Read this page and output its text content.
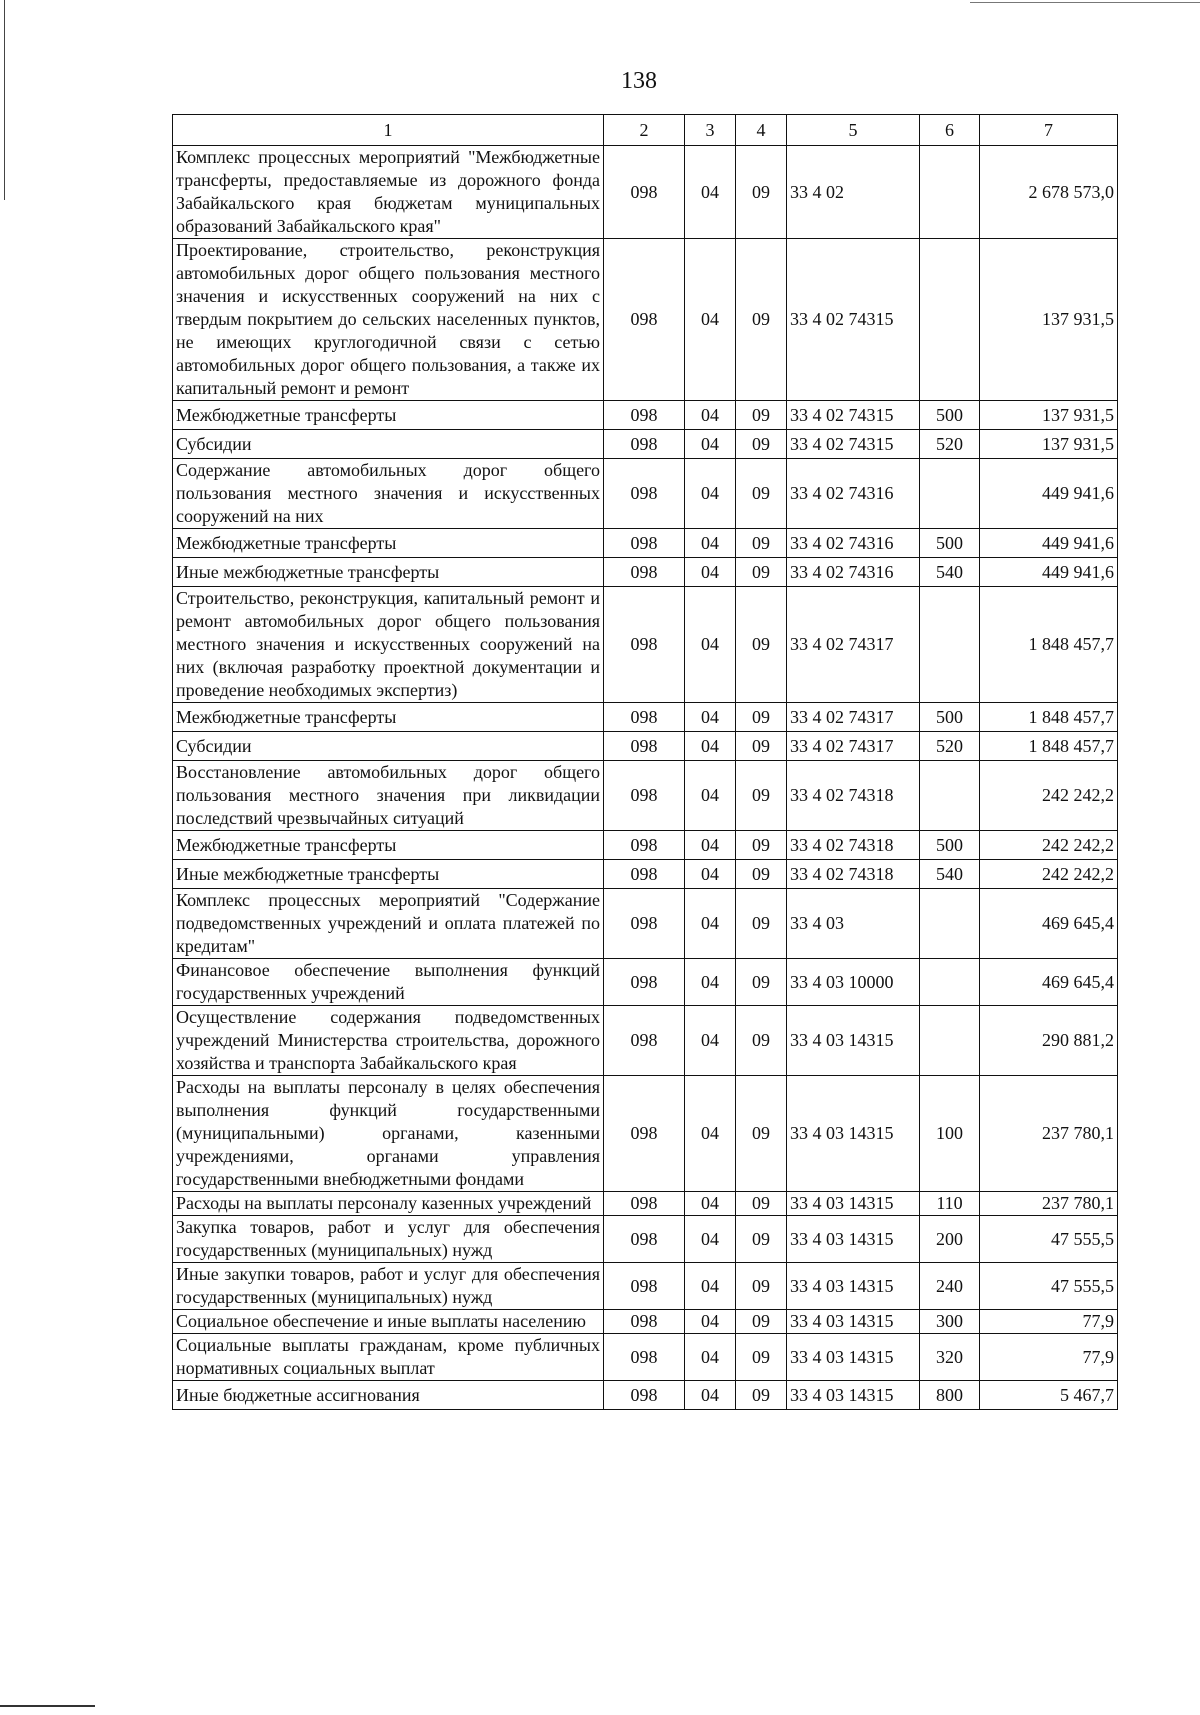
138
1	2	3	4	5	6	7
Комплекс процессных мероприятий "Межбюджетные трансферты, предоставляемые из дорожного фонда Забайкальского края бюджетам муниципальных образований Забайкальского края"	098	04	09	33 4 02		2 678 573,0
Проектирование, строительство, реконструкция автомобильных дорог общего пользования местного значения и искусственных сооружений на них с твердым покрытием до сельских населенных пунктов, не имеющих круглогодичной связи с сетью автомобильных дорог общего пользования, а также их капитальный ремонт и ремонт	098	04	09	33 4 02 74315		137 931,5
Межбюджетные трансферты	098	04	09	33 4 02 74315	500	137 931,5
Субсидии	098	04	09	33 4 02 74315	520	137 931,5
Содержание автомобильных дорог общего пользования местного значения и искусственных сооружений на них	098	04	09	33 4 02 74316		449 941,6
Межбюджетные трансферты	098	04	09	33 4 02 74316	500	449 941,6
Иные межбюджетные трансферты	098	04	09	33 4 02 74316	540	449 941,6
Строительство, реконструкция, капитальный ремонт и ремонт автомобильных дорог общего пользования местного значения и искусственных сооружений на них (включая разработку проектной документации и проведение необходимых экспертиз)	098	04	09	33 4 02 74317		1 848 457,7
Межбюджетные трансферты	098	04	09	33 4 02 74317	500	1 848 457,7
Субсидии	098	04	09	33 4 02 74317	520	1 848 457,7
Восстановление автомобильных дорог общего пользования местного значения при ликвидации последствий чрезвычайных ситуаций	098	04	09	33 4 02 74318		242 242,2
Межбюджетные трансферты	098	04	09	33 4 02 74318	500	242 242,2
Иные межбюджетные трансферты	098	04	09	33 4 02 74318	540	242 242,2
Комплекс процессных мероприятий "Содержание подведомственных учреждений и оплата платежей по кредитам"	098	04	09	33 4 03		469 645,4
Финансовое обеспечение выполнения функций государственных учреждений	098	04	09	33 4 03 10000		469 645,4
Осуществление содержания подведомственных учреждений Министерства строительства, дорожного хозяйства и транспорта Забайкальского края	098	04	09	33 4 03 14315		290 881,2
Расходы на выплаты персоналу в целях обеспечения выполнения функций государственными (муниципальными) органами, казенными учреждениями, органами управления государственными внебюджетными фондами	098	04	09	33 4 03 14315	100	237 780,1
Расходы на выплаты персоналу казенных учреждений	098	04	09	33 4 03 14315	110	237 780,1
Закупка товаров, работ и услуг для обеспечения государственных (муниципальных) нужд	098	04	09	33 4 03 14315	200	47 555,5
Иные закупки товаров, работ и услуг для обеспечения государственных (муниципальных) нужд	098	04	09	33 4 03 14315	240	47 555,5
Социальное обеспечение и иные выплаты населению	098	04	09	33 4 03 14315	300	77,9
Социальные выплаты гражданам, кроме публичных нормативных социальных выплат	098	04	09	33 4 03 14315	320	77,9
Иные бюджетные ассигнования	098	04	09	33 4 03 14315	800	5 467,7
